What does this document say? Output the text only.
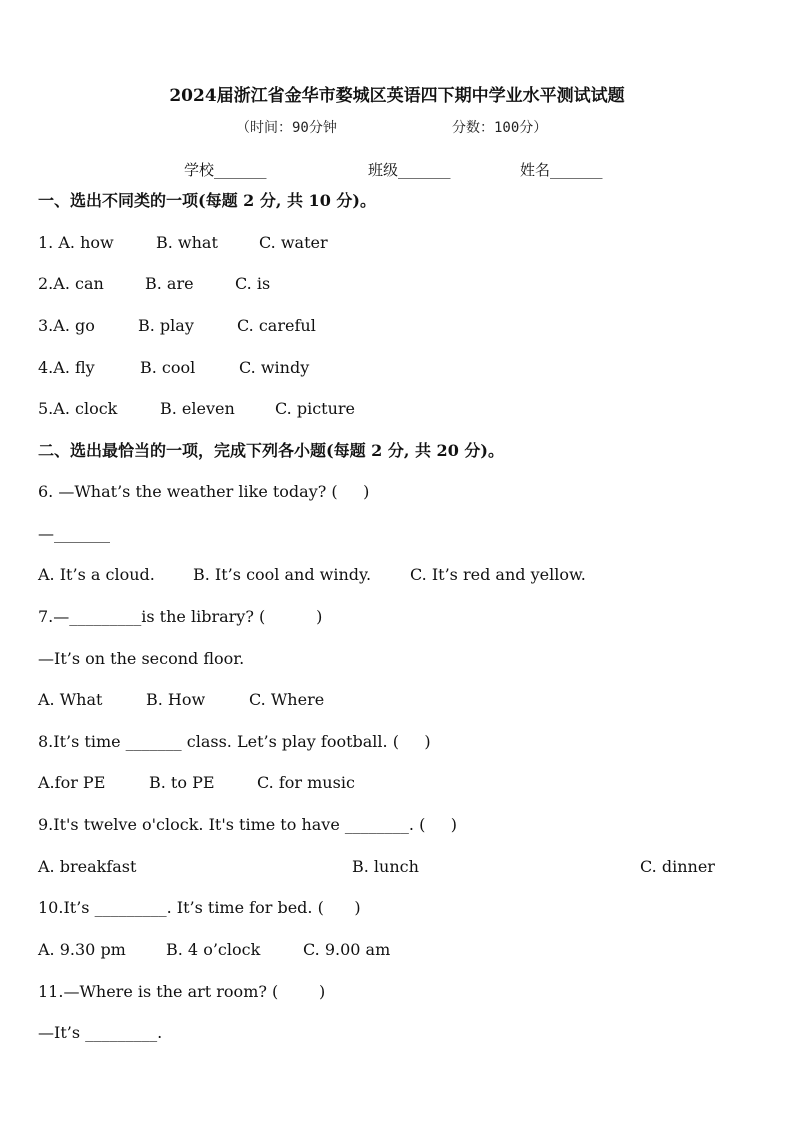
2024届浙江省金华市婺城区英语四下期中学业水平测试试题
（时间：90分钟	分数：100分）
学校_______	班级_______	姓名_______
一、选出不同类的一项(每题 2 分, 共 10 分)。
1. A. how	B. what	C. water
2.A. can	B. are	C. is
3.A. go	B. play	C. careful
4.A. fly	B. cool	C. windy
5.A. clock	B. eleven	C. picture
二、选出最恰当的一项，完成下列各小题(每题 2 分, 共 20 分)。
6. —What’s the weather like today? (     )
—_______
A. It’s a cloud. B. It’s cool and windy. C. It’s red and yellow.
7.—_________is the library? (          )
—It’s on the second floor.
A. What	B. How	C. Where
8.It’s time _______ class. Let’s play football. (     )
A.for PE	B. to PE	C. for music
9.It's twelve o'clock. It's time to have ________. (     )
A. breakfast	B. lunch	C. dinner
10.It’s _________. It’s time for bed. (      )
A. 9.30 pm	B. 4 o’clock	C. 9.00 am
11.—Where is the art room? (        )
—It’s _________.
